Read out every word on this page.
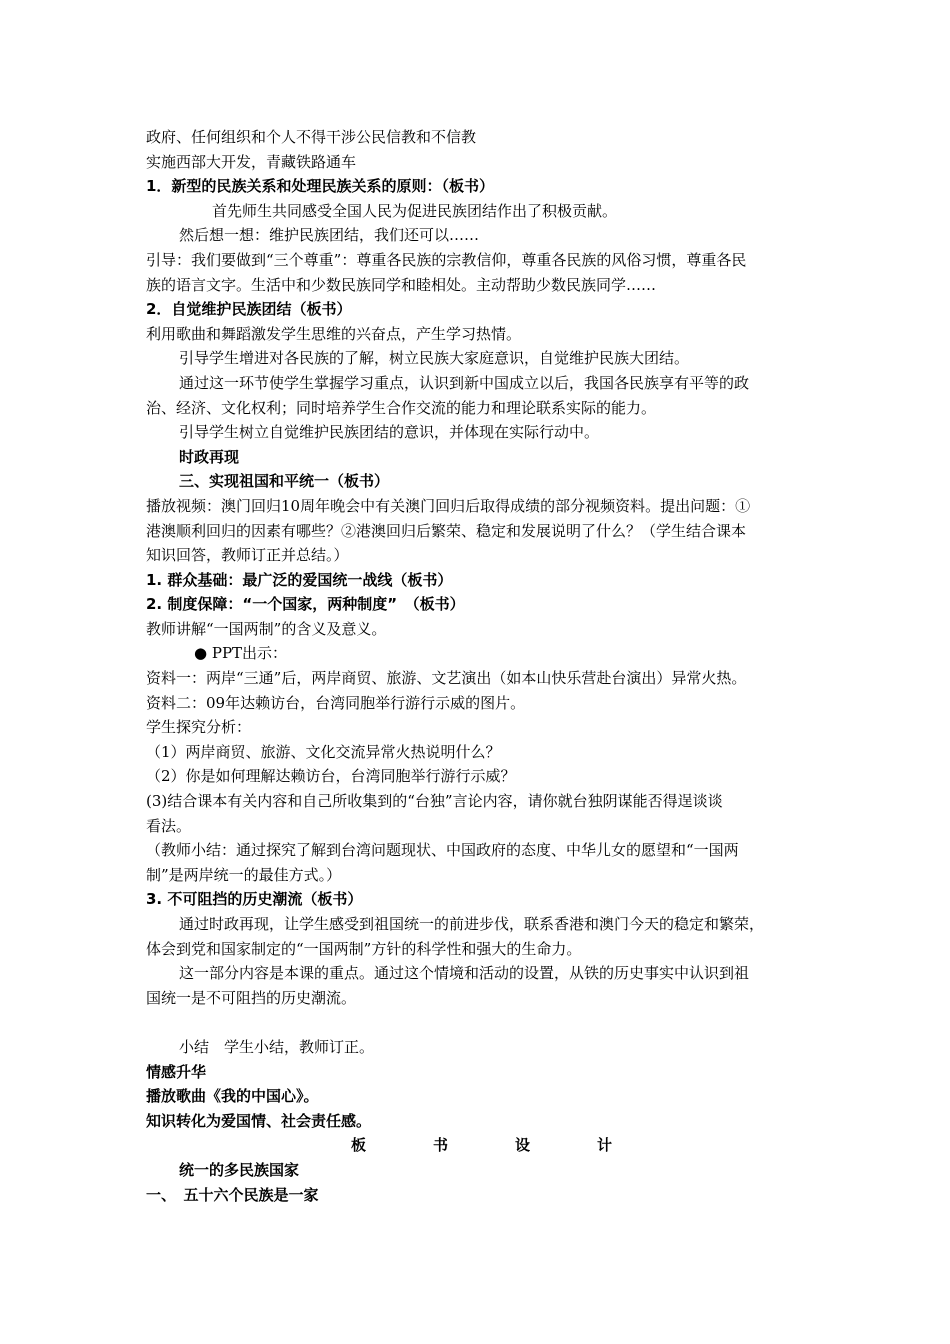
政府、任何组织和个人不得干涉公民信教和不信教
实施西部大开发，青藏铁路通车
1．新型的民族关系和处理民族关系的原则：（板书）
首先师生共同感受全国人民为促进民族团结作出了积极贡献。
然后想一想：维护民族团结，我们还可以……
引导：我们要做到“三个尊重”：尊重各民族的宗教信仰，尊重各民族的风俗习惯，尊重各民
族的语言文字。生活中和少数民族同学和睦相处。主动帮助少数民族同学……
2．自觉维护民族团结（板书）
利用歌曲和舞蹈激发学生思维的兴奋点，产生学习热情。
引导学生增进对各民族的了解，树立民族大家庭意识，自觉维护民族大团结。
通过这一环节使学生掌握学习重点，认识到新中国成立以后，我国各民族享有平等的政
治、经济、文化权利；同时培养学生合作交流的能力和理论联系实际的能力。
引导学生树立自觉维护民族团结的意识，并体现在实际行动中。
时政再现
三、实现祖国和平统一（板书）
播放视频：澳门回归10周年晚会中有关澳门回归后取得成绩的部分视频资料。提出问题：①
港澳顺利回归的因素有哪些？②港澳回归后繁荣、稳定和发展说明了什么？（学生结合课本
知识回答，教师订正并总结。）
1. 群众基础：最广泛的爱国统一战线（板书）
2. 制度保障：“一个国家，两种制度”　（板书）
教师讲解“一国两制”的含义及意义。
　● PPT出示：
资料一：两岸“三通”后，两岸商贸、旅游、文艺演出（如本山快乐营赴台演出）异常火热。
资料二：09年达赖访台，台湾同胞举行游行示威的图片。
学生探究分析：
（1）两岸商贸、旅游、文化交流异常火热说明什么？
（2）你是如何理解达赖访台，台湾同胞举行游行示威？
(3)结合课本有关内容和自己所收集到的“台独”言论内容，请你就台独阴谋能否得逞谈谈
看法。
（教师小结：通过探究了解到台湾问题现状、中国政府的态度、中华儿女的愿望和“一国两
制”是两岸统一的最佳方式。）
3. 不可阻挡的历史潮流（板书）
通过时政再现，让学生感受到祖国统一的前进步伐，联系香港和澳门今天的稳定和繁荣，
体会到党和国家制定的“一国两制”方针的科学性和强大的生命力。
这一部分内容是本课的重点。通过这个情境和活动的设置，从铁的历史事实中认识到祖
国统一是不可阻挡的历史潮流。
小结　学生小结，教师订正。
情感升华
播放歌曲《我的中国心》。
知识转化为爱国情、社会责任感。
板	书	设	计
统一的多民族国家
一、　五十六个民族是一家
